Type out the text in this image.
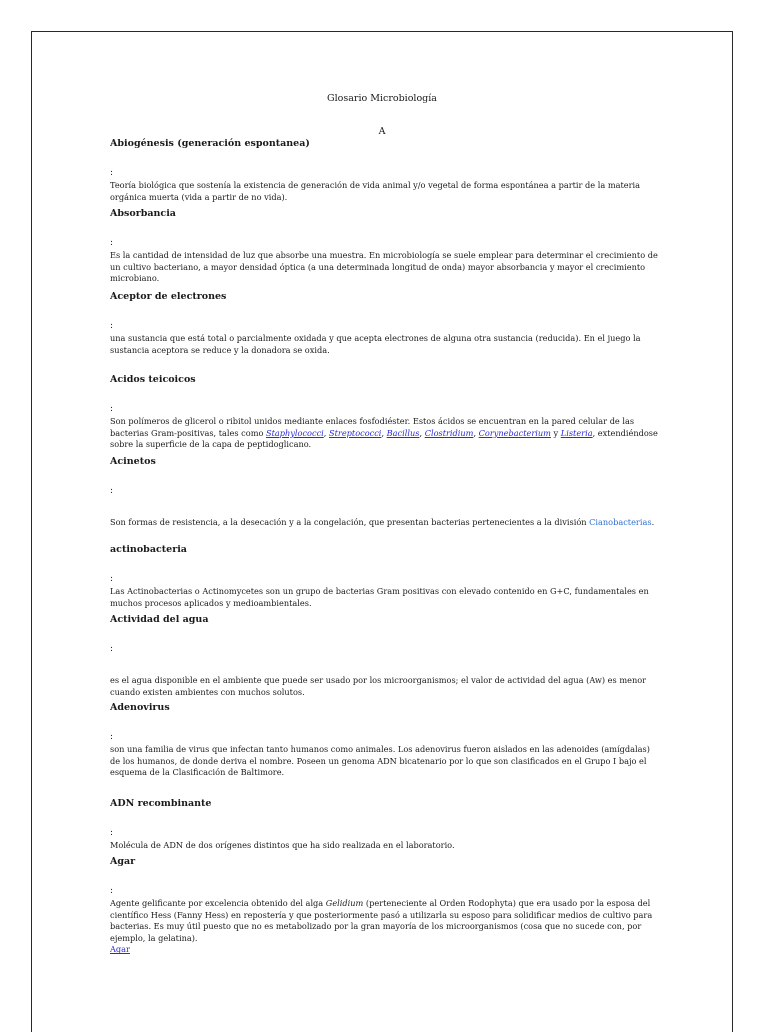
Glosario Microbiología
A
Abiogénesis (generación espontanea)
:
Teoría biológica que sostenía la existencia de generación de vida animal y/o vegetal de forma espontánea a partir de la materia orgánica muerta (vida a partir de no vida).
Absorbancia
:
Es la cantidad de intensidad de luz que absorbe una muestra. En microbiología se suele emplear para determinar el crecimiento de un cultivo bacteriano, a mayor densidad óptica (a una determinada longitud de onda) mayor absorbancia y mayor el crecimiento microbiano.
Aceptor de electrones
:
una sustancia que está total o parcialmente oxidada y que acepta electrones de alguna otra sustancia (reducida). En el juego la sustancia aceptora se reduce y la donadora se oxida.
Acidos teicoicos
:
Son polímeros de glicerol o ribitol unidos mediante enlaces fosfodiéster. Estos ácidos se encuentran en la pared celular de las bacterias Gram-positivas, tales como Staphylococci, Streptococci, Bacillus, Clostridium, Corynebacterium y Listeria, extendiéndose sobre la superficie de la capa de peptidoglicano.
Acinetos
:
Son formas de resistencia, a la desecación y a la congelación, que presentan bacterias pertenecientes a la división Cianobacterias.
actinobacteria
:
Las Actinobacterias o Actinomycetes son un grupo de bacterias Gram positivas con elevado contenido en G+C, fundamentales en muchos procesos aplicados y medioambientales.
Actividad del agua
:
es el agua disponible en el ambiente que puede ser usado por los microorganismos; el valor de actividad del agua (Aw) es menor cuando existen ambientes con muchos solutos.
Adenovirus
:
son una familia de virus que infectan tanto humanos como animales. Los adenovirus fueron aislados en las adenoides (amígdalas) de los humanos, de donde deriva el nombre. Poseen un genoma ADN bicatenario por lo que son clasificados en el Grupo I bajo el esquema de la Clasificación de Baltimore.
ADN recombinante
:
Molécula de ADN de dos orígenes distintos que ha sido realizada en el laboratorio.
Agar
:
Agente gelificante por excelencia obtenido del alga Gelidium (perteneciente al Orden Rodophyta) que era usado por la esposa del científico Hess (Fanny Hess) en repostería y que posteriormente pasó a utilizarla su esposo para solidificar medios de cultivo para bacterias. Es muy útil puesto que no es metabolizado por la gran mayoría de los microorganismos (cosa que no sucede con, por ejemplo, la gelatina).
Agar
